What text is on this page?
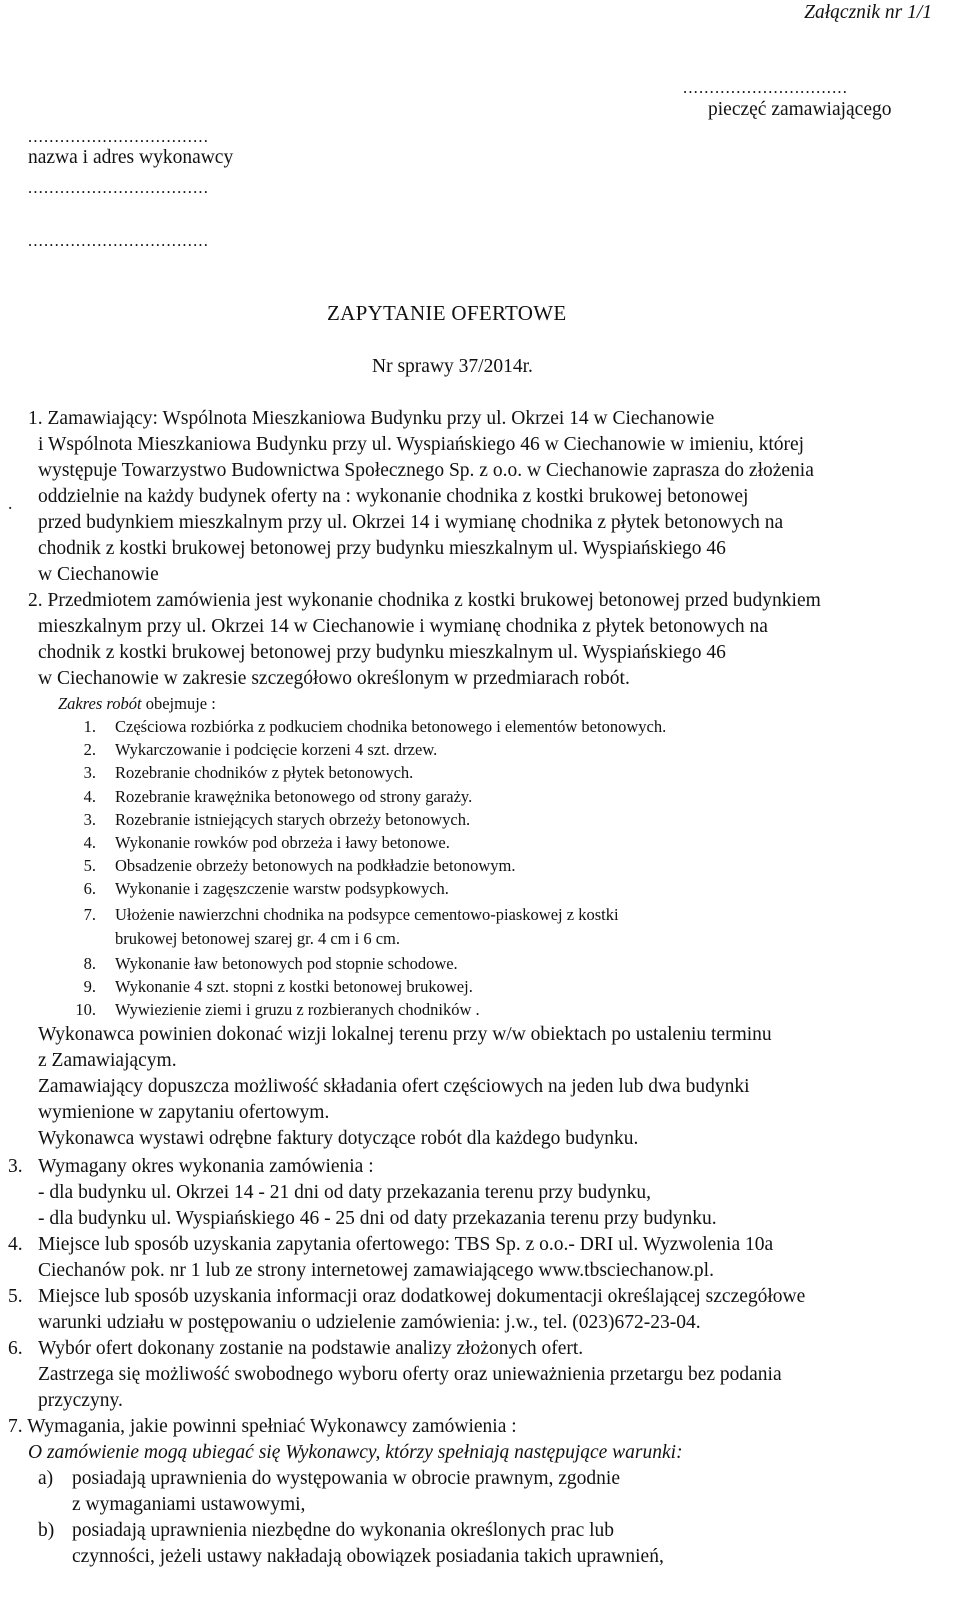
Załącznik nr 1/1
...............................
pieczęć zamawiającego
..................................
nazwa i adres wykonawcy
..................................
..................................
ZAPYTANIE OFERTOWE
Nr sprawy 37/2014r.
1. Zamawiający: Wspólnota Mieszkaniowa Budynku przy ul. Okrzei 14 w Ciechanowie
i Wspólnota Mieszkaniowa Budynku przy ul. Wyspiańskiego 46 w Ciechanowie w imieniu, której
występuje Towarzystwo Budownictwa Społecznego Sp. z o.o. w Ciechanowie zaprasza do złożenia
. oddzielnie na każdy budynek oferty na : wykonanie chodnika z kostki brukowej betonowej
przed budynkiem mieszkalnym przy ul. Okrzei 14 i wymianę chodnika z płytek betonowych na
chodnik z kostki brukowej betonowej przy budynku mieszkalnym ul. Wyspiańskiego 46
w Ciechanowie
2. Przedmiotem zamówienia jest wykonanie chodnika z kostki brukowej betonowej przed budynkiem
mieszkalnym przy ul. Okrzei 14 w Ciechanowie i wymianę chodnika z płytek betonowych na
chodnik z kostki brukowej betonowej przy budynku mieszkalnym ul. Wyspiańskiego 46
w Ciechanowie w zakresie szczegółowo określonym w przedmiarach robót.
Zakres robót obejmuje :
1. Częściowa rozbiórka z podkuciem chodnika betonowego i elementów betonowych.
2. Wykarczowanie i podcięcie korzeni 4 szt. drzew.
3. Rozebranie chodników z płytek betonowych.
4. Rozebranie krawężnika betonowego od strony garaży.
3. Rozebranie istniejących starych obrzeży betonowych.
4. Wykonanie rowków pod obrzeża i ławy betonowe.
5. Obsadzenie obrzeży betonowych na podkładzie betonowym.
6. Wykonanie i zagęszczenie warstw podsypkowych.
7. Ułożenie nawierzchni chodnika na podsypce cementowo-piaskowej z kostki
brukowej betonowej szarej gr. 4 cm i 6 cm.
8. Wykonanie ław betonowych pod stopnie schodowe.
9. Wykonanie 4 szt. stopni z kostki betonowej brukowej.
10. Wywiezienie ziemi i gruzu z rozbieranych chodników .
Wykonawca powinien dokonać wizji lokalnej terenu przy w/w obiektach po ustaleniu terminu
z Zamawiającym.
Zamawiający dopuszcza możliwość składania ofert częściowych na jeden lub dwa budynki
wymienione w zapytaniu ofertowym.
Wykonawca wystawi odrębne faktury dotyczące robót dla każdego budynku.
3. Wymagany okres wykonania zamówienia :
- dla budynku ul. Okrzei 14 - 21 dni od daty przekazania terenu przy budynku,
- dla budynku ul. Wyspiańskiego 46 - 25 dni od daty przekazania terenu przy budynku.
4. Miejsce lub sposób uzyskania zapytania ofertowego: TBS Sp. z o.o.- DRI ul. Wyzwolenia 10a
Ciechanów pok. nr 1 lub ze strony internetowej zamawiającego www.tbsciechanow.pl.
5. Miejsce lub sposób uzyskania informacji oraz dodatkowej dokumentacji określającej szczegółowe
warunki udziału w postępowaniu o udzielenie zamówienia: j.w., tel. (023)672-23-04.
6. Wybór ofert dokonany zostanie na podstawie analizy złożonych ofert.
Zastrzega się możliwość swobodnego wyboru oferty oraz unieważnienia przetargu bez podania
przyczyny.
7. Wymagania, jakie powinni spełniać Wykonawcy zamówienia :
O zamówienie mogą ubiegać się Wykonawcy, którzy spełniają następujące warunki:
a) posiadają uprawnienia do występowania w obrocie prawnym, zgodnie
z wymaganiami ustawowymi,
b) posiadają uprawnienia niezbędne do wykonania określonych prac lub
czynności, jeżeli ustawy nakładają obowiązek posiadania takich uprawnień,
